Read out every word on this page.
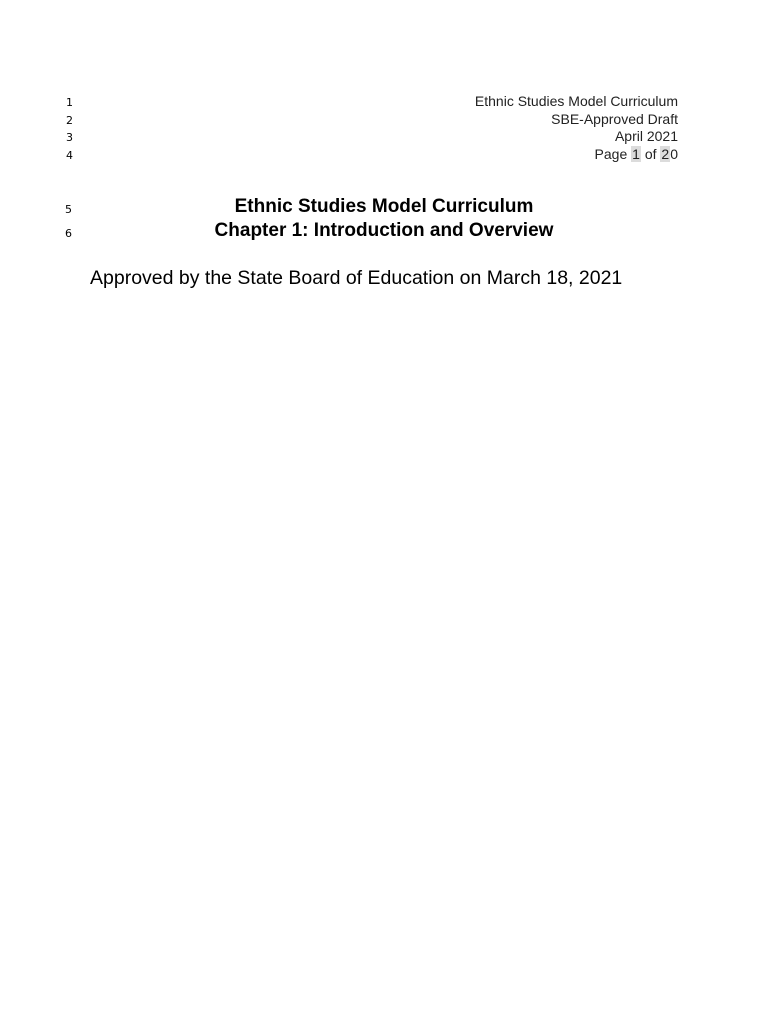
1
2
3
4
5
6
Ethnic Studies Model Curriculum
SBE-Approved Draft
April 2021
Page 1 of 20
Ethnic Studies Model Curriculum
Chapter 1: Introduction and Overview
Approved by the State Board of Education on March 18, 2021
